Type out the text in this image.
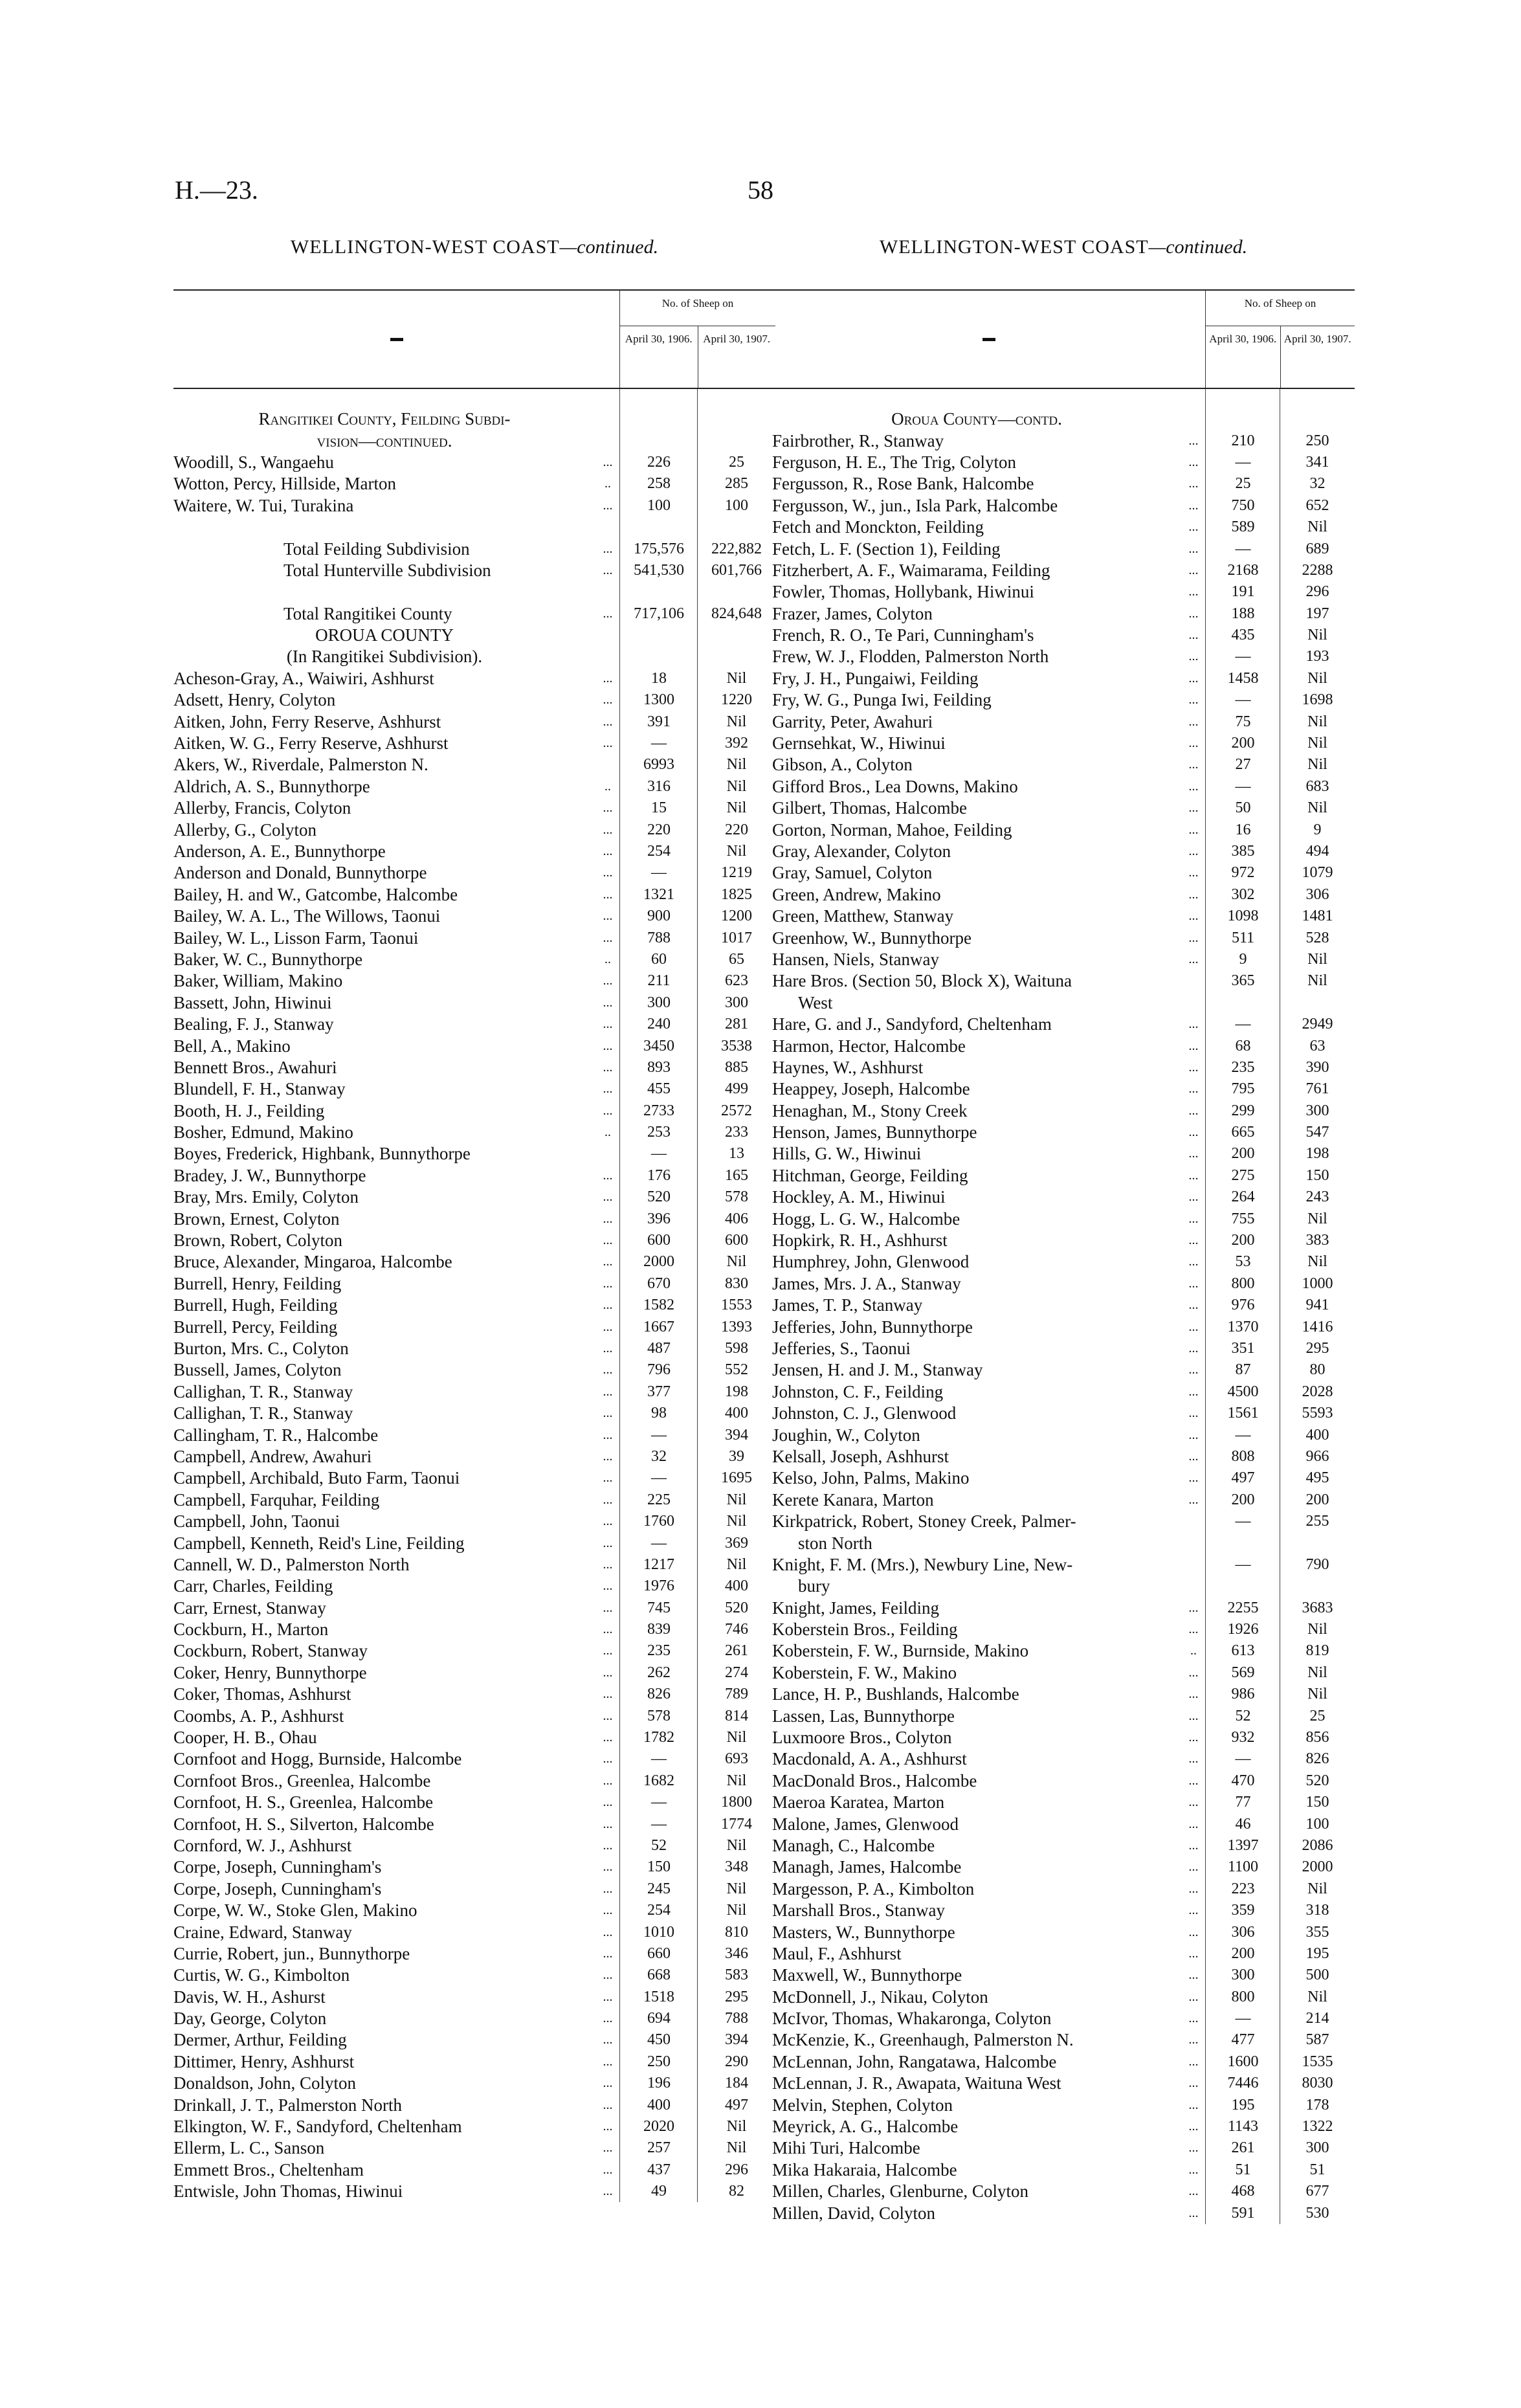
H.—23.	58
WELLINGTON-WEST COAST—continued.
No. of Sheep on
April 30, 1906. April 30, 1907.
Rangitikei County, Feilding Subdi-
vision—continued.
Woodill, S., Wangaehu	...	226	25
Wotton, Percy, Hillside, Marton	..	258	285
Waitere, W. Tui, Turakina	...	100	100
Total Feilding Subdivision	...	175,576	222,882
Total Hunterville Subdivision	...	541,530	601,766
Total Rangitikei County	...	717,106	824,648
OROUA COUNTY
(In Rangitikei Subdivision).
Acheson-Gray, A., Waiwiri, Ashhurst	...	18	Nil
Adsett, Henry, Colyton	...	1300	1220
Aitken, John, Ferry Reserve, Ashhurst	...	391	Nil
Aitken, W. G., Ferry Reserve, Ashhurst	...	—	392
Akers, W., Riverdale, Palmerston N.	6993	Nil
Aldrich, A. S., Bunnythorpe	..	316	Nil
Allerby, Francis, Colyton	...	15	Nil
Allerby, G., Colyton	...	220	220
Anderson, A. E., Bunnythorpe	...	254	Nil
Anderson and Donald, Bunnythorpe	...	—	1219
Bailey, H. and W., Gatcombe, Halcombe	...	1321	1825
Bailey, W. A. L., The Willows, Taonui	...	900	1200
Bailey, W. L., Lisson Farm, Taonui	...	788	1017
Baker, W. C., Bunnythorpe	..	60	65
Baker, William, Makino	...	211	623
Bassett, John, Hiwinui	...	300	300
Bealing, F. J., Stanway	...	240	281
Bell, A., Makino	...	3450	3538
Bennett Bros., Awahuri	...	893	885
Blundell, F. H., Stanway	...	455	499
Booth, H. J., Feilding	...	2733	2572
Bosher, Edmund, Makino	..	253	233
Boyes, Frederick, Highbank, Bunnythorpe	—	13
Bradey, J. W., Bunnythorpe	...	176	165
Bray, Mrs. Emily, Colyton	...	520	578
Brown, Ernest, Colyton	...	396	406
Brown, Robert, Colyton	...	600	600
Bruce, Alexander, Mingaroa, Halcombe	...	2000	Nil
Burrell, Henry, Feilding	...	670	830
Burrell, Hugh, Feilding	...	1582	1553
Burrell, Percy, Feilding	...	1667	1393
Burton, Mrs. C., Colyton	...	487	598
Bussell, James, Colyton	...	796	552
Callighan, T. R., Stanway	...	377	198
Callighan, T. R., Stanway	...	98	400
Callingham, T. R., Halcombe	...	—	394
Campbell, Andrew, Awahuri	...	32	39
Campbell, Archibald, Buto Farm, Taonui	...	—	1695
Campbell, Farquhar, Feilding	...	225	Nil
Campbell, John, Taonui	...	1760	Nil
Campbell, Kenneth, Reid's Line, Feilding	...	—	369
Cannell, W. D., Palmerston North	...	1217	Nil
Carr, Charles, Feilding	...	1976	400
Carr, Ernest, Stanway	...	745	520
Cockburn, H., Marton	...	839	746
Cockburn, Robert, Stanway	...	235	261
Coker, Henry, Bunnythorpe	...	262	274
Coker, Thomas, Ashhurst	...	826	789
Coombs, A. P., Ashhurst	...	578	814
Cooper, H. B., Ohau	...	1782	Nil
Cornfoot and Hogg, Burnside, Halcombe	...	—	693
Cornfoot Bros., Greenlea, Halcombe	...	1682	Nil
Cornfoot, H. S., Greenlea, Halcombe	...	—	1800
Cornfoot, H. S., Silverton, Halcombe	...	—	1774
Cornford, W. J., Ashhurst	...	52	Nil
Corpe, Joseph, Cunningham's	...	150	348
Corpe, Joseph, Cunningham's	...	245	Nil
Corpe, W. W., Stoke Glen, Makino	...	254	Nil
Craine, Edward, Stanway	...	1010	810
Currie, Robert, jun., Bunnythorpe	...	660	346
Curtis, W. G., Kimbolton	...	668	583
Davis, W. H., Ashurst	...	1518	295
Day, George, Colyton	...	694	788
Dermer, Arthur, Feilding	...	450	394
Dittimer, Henry, Ashhurst	...	250	290
Donaldson, John, Colyton	...	196	184
Drinkall, J. T., Palmerston North	...	400	497
Elkington, W. F., Sandyford, Cheltenham	...	2020	Nil
Ellerm, L. C., Sanson	...	257	Nil
Emmett Bros., Cheltenham	...	437	296
Entwisle, John Thomas, Hiwinui	...	49	82
WELLINGTON-WEST COAST—continued.
No. of Sheep on
April 30, 1906. April 30, 1907.
Oroua County—contd.
Fairbrother, R., Stanway	...	210	250
Ferguson, H. E., The Trig, Colyton	...	—	341
Fergusson, R., Rose Bank, Halcombe	...	25	32
Fergusson, W., jun., Isla Park, Halcombe	...	750	652
Fetch and Monckton, Feilding	...	589	Nil
Fetch, L. F. (Section 1), Feilding	...	—	689
Fitzherbert, A. F., Waimarama, Feilding	...	2168	2288
Fowler, Thomas, Hollybank, Hiwinui	...	191	296
Frazer, James, Colyton	...	188	197
French, R. O., Te Pari, Cunningham's	...	435	Nil
Frew, W. J., Flodden, Palmerston North	...	—	193
Fry, J. H., Pungaiwi, Feilding	...	1458	Nil
Fry, W. G., Punga Iwi, Feilding	...	—	1698
Garrity, Peter, Awahuri	...	75	Nil
Gernsehkat, W., Hiwinui	...	200	Nil
Gibson, A., Colyton	...	27	Nil
Gifford Bros., Lea Downs, Makino	...	—	683
Gilbert, Thomas, Halcombe	...	50	Nil
Gorton, Norman, Mahoe, Feilding	...	16	9
Gray, Alexander, Colyton	...	385	494
Gray, Samuel, Colyton	...	972	1079
Green, Andrew, Makino	...	302	306
Green, Matthew, Stanway	...	1098	1481
Greenhow, W., Bunnythorpe	...	511	528
Hansen, Niels, Stanway	...	9	Nil
Hare Bros. (Section 50, Block X), Waituna	365	Nil
West
Hare, G. and J., Sandyford, Cheltenham	...	—	2949
Harmon, Hector, Halcombe	...	68	63
Haynes, W., Ashhurst	...	235	390
Heappey, Joseph, Halcombe	...	795	761
Henaghan, M., Stony Creek	...	299	300
Henson, James, Bunnythorpe	...	665	547
Hills, G. W., Hiwinui	...	200	198
Hitchman, George, Feilding	...	275	150
Hockley, A. M., Hiwinui	...	264	243
Hogg, L. G. W., Halcombe	...	755	Nil
Hopkirk, R. H., Ashhurst	...	200	383
Humphrey, John, Glenwood	...	53	Nil
James, Mrs. J. A., Stanway	...	800	1000
James, T. P., Stanway	...	976	941
Jefferies, John, Bunnythorpe	...	1370	1416
Jefferies, S., Taonui	...	351	295
Jensen, H. and J. M., Stanway	...	87	80
Johnston, C. F., Feilding	...	4500	2028
Johnston, C. J., Glenwood	...	1561	5593
Joughin, W., Colyton	...	—	400
Kelsall, Joseph, Ashhurst	...	808	966
Kelso, John, Palms, Makino	...	497	495
Kerete Kanara, Marton	...	200	200
Kirkpatrick, Robert, Stoney Creek, Palmer-	—	255
ston North
Knight, F. M. (Mrs.), Newbury Line, New-	—	790
bury
Knight, James, Feilding	...	2255	3683
Koberstein Bros., Feilding	...	1926	Nil
Koberstein, F. W., Burnside, Makino	..	613	819
Koberstein, F. W., Makino	...	569	Nil
Lance, H. P., Bushlands, Halcombe	...	986	Nil
Lassen, Las, Bunnythorpe	...	52	25
Luxmoore Bros., Colyton	...	932	856
Macdonald, A. A., Ashhurst	...	—	826
MacDonald Bros., Halcombe	...	470	520
Maeroa Karatea, Marton	...	77	150
Malone, James, Glenwood	...	46	100
Managh, C., Halcombe	...	1397	2086
Managh, James, Halcombe	...	1100	2000
Margesson, P. A., Kimbolton	...	223	Nil
Marshall Bros., Stanway	...	359	318
Masters, W., Bunnythorpe	...	306	355
Maul, F., Ashhurst	...	200	195
Maxwell, W., Bunnythorpe	...	300	500
McDonnell, J., Nikau, Colyton	...	800	Nil
McIvor, Thomas, Whakaronga, Colyton	...	—	214
McKenzie, K., Greenhaugh, Palmerston N.	...	477	587
McLennan, John, Rangatawa, Halcombe	...	1600	1535
McLennan, J. R., Awapata, Waituna West	...	7446	8030
Melvin, Stephen, Colyton	...	195	178
Meyrick, A. G., Halcombe	...	1143	1322
Mihi Turi, Halcombe	...	261	300
Mika Hakaraia, Halcombe	...	51	51
Millen, Charles, Glenburne, Colyton	...	468	677
Millen, David, Colyton	...	591	530
